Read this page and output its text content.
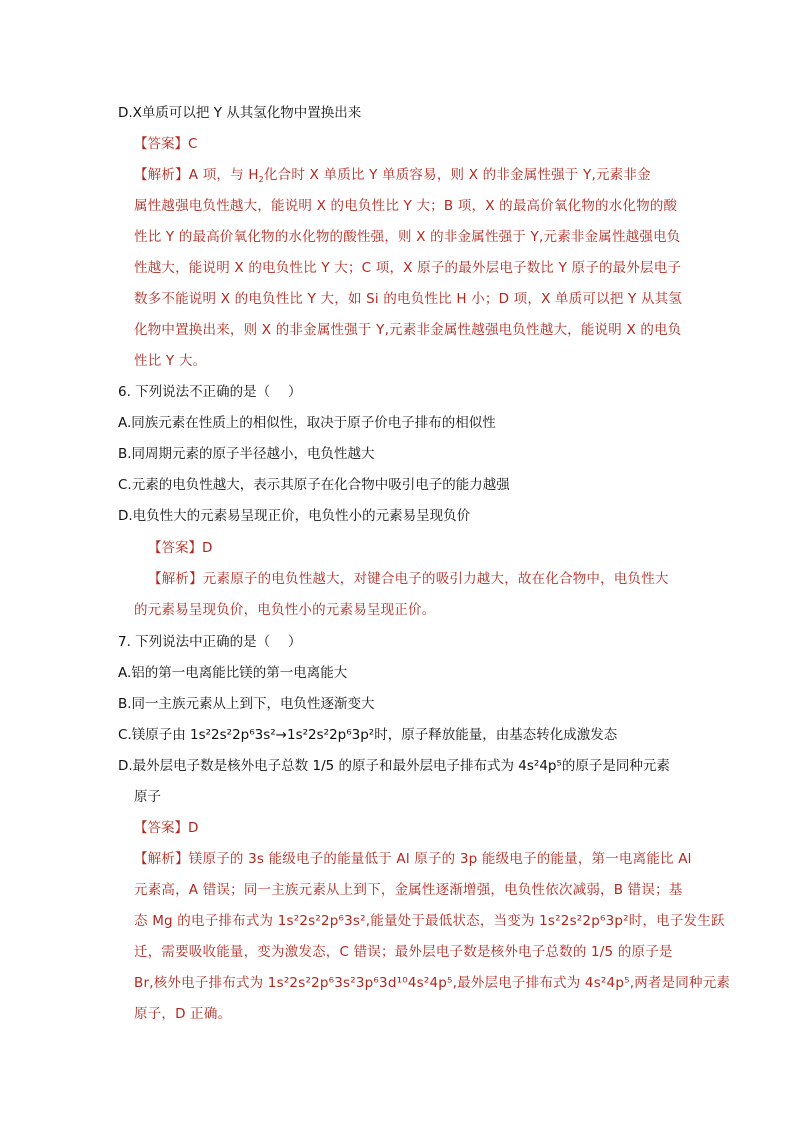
D.X单质可以把 Y 从其氢化物中置换出来
【答案】C
【解析】A 项，与 $H_2$化合时 X 单质比 Y 单质容易，则 X 的非金属性强于 Y,元素非金
属性越强电负性越大，能说明 X 的电负性比 Y 大；B 项，X 的最高价氧化物的水化物的酸
性比 Y 的最高价氧化物的水化物的酸性强，则 X 的非金属性强于 Y,元素非金属性越强电负
性越大，能说明 X 的电负性比 Y 大；C 项，X 原子的最外层电子数比 Y 原子的最外层电子
数多不能说明 X 的电负性比 Y 大，如 Si 的电负性比 H 小；D 项，X 单质可以把 Y 从其氢
化物中置换出来，则 X 的非金属性强于 Y,元素非金属性越强电负性越大，能说明 X 的电负
性比 Y 大。
6. 下列说法不正确的是（　 ）
A.同族元素在性质上的相似性，取决于原子价电子排布的相似性
B.同周期元素的原子半径越小，电负性越大
C.元素的电负性越大，表示其原子在化合物中吸引电子的能力越强
D.电负性大的元素易呈现正价，电负性小的元素易呈现负价
【答案】D
【解析】元素原子的电负性越大，对键合电子的吸引力越大，故在化合物中，电负性大
的元素易呈现负价，电负性小的元素易呈现正价。
7. 下列说法中正确的是（　 ）
A.铝的第一电离能比镁的第一电离能大
B.同一主族元素从上到下，电负性逐渐变大
C.镁原子由 1s²2s²2p⁶3s²→1s²2s²2p⁶3p²时，原子释放能量，由基态转化成激发态
D.最外层电子数是核外电子总数 1/5 的原子和最外层电子排布式为 4s²4p⁵的原子是同种元素
原子
【答案】D
【解析】镁原子的 3s 能级电子的能量低于 Al 原子的 3p 能级电子的能量，第一电离能比 Al
元素高，A 错误；同一主族元素从上到下，金属性逐渐增强，电负性依次减弱，B 错误；基
态 Mg 的电子排布式为 1s²2s²2p⁶3s²,能量处于最低状态，当变为 1s²2s²2p⁶3p²时，电子发生跃
迁，需要吸收能量，变为激发态，C 错误；最外层电子数是核外电子总数的 1/5 的原子是
Br,核外电子排布式为 1s²2s²2p⁶3s²3p⁶3d¹⁰4s²4p⁵,最外层电子排布式为 4s²4p⁵,两者是同种元素
原子，D 正确。
